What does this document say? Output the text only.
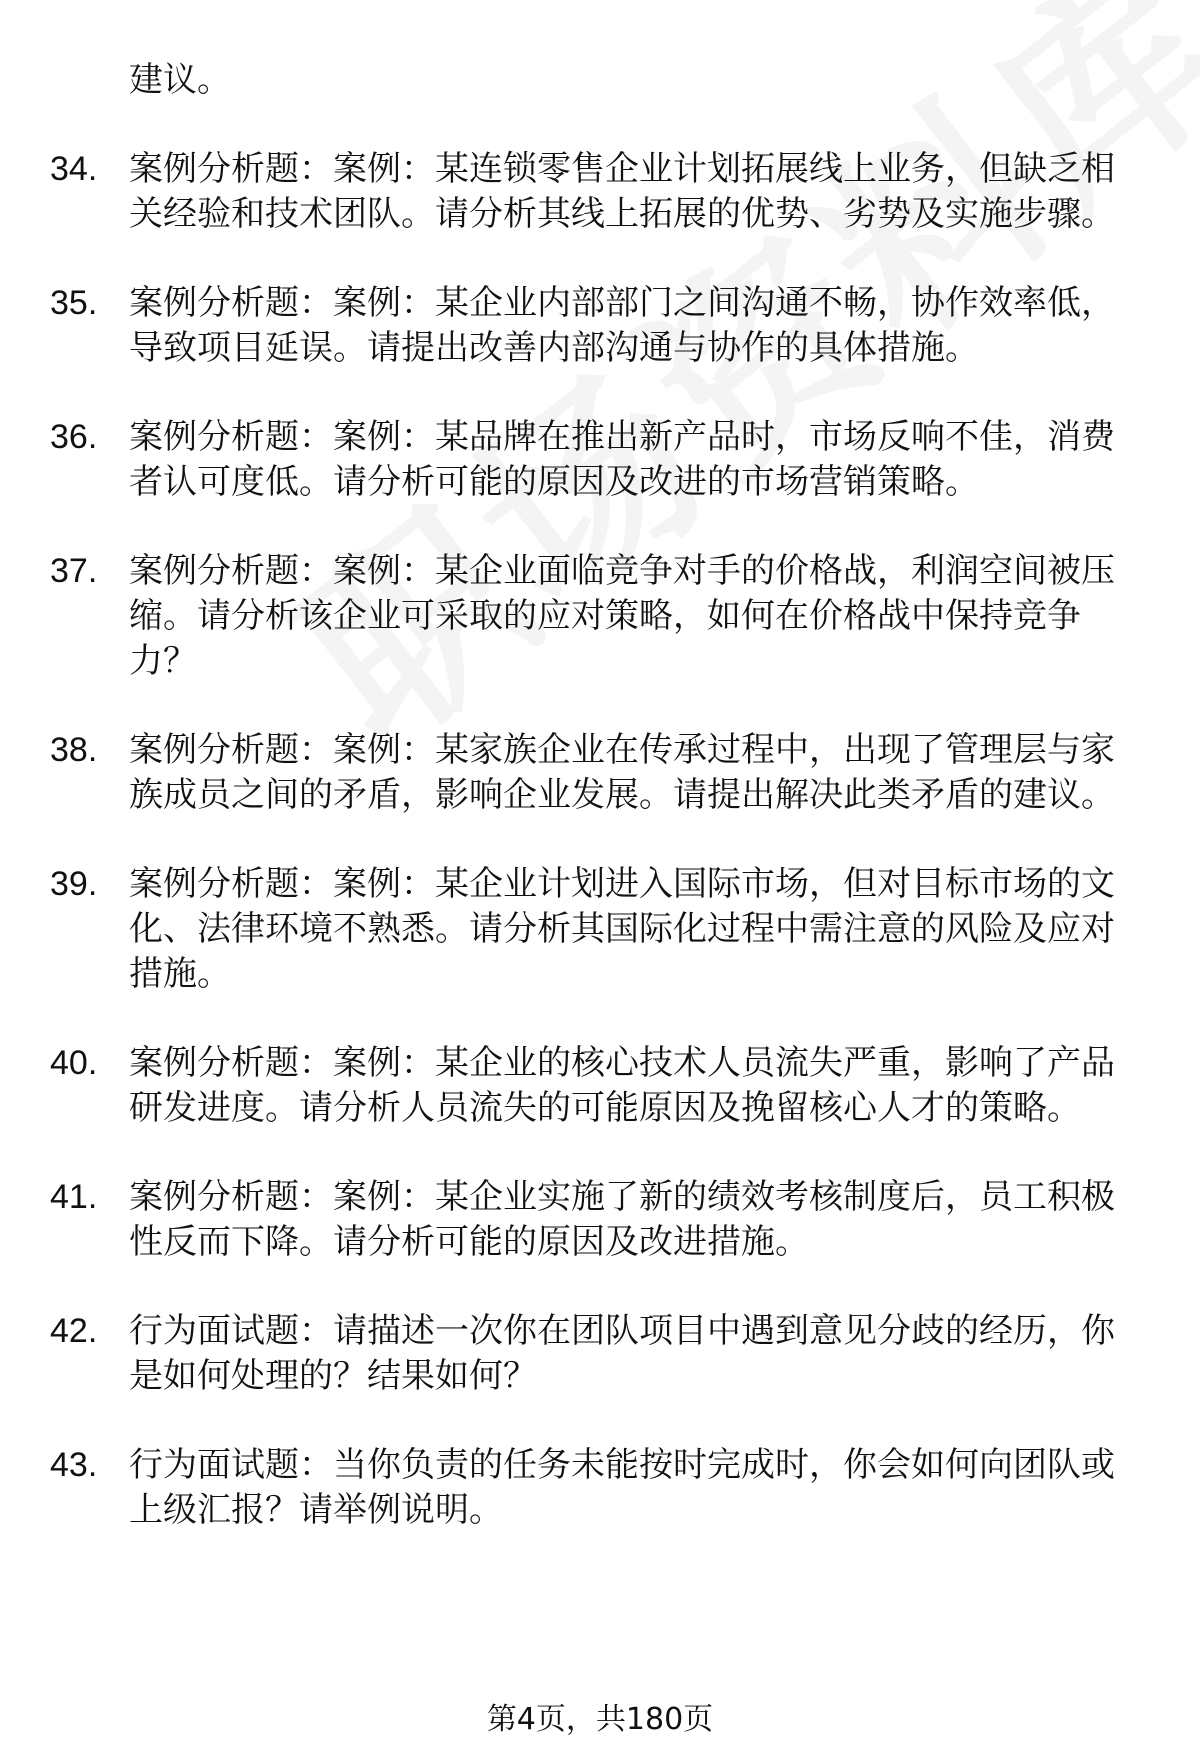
建议。
34. 案例分析题：案例：某连锁零售企业计划拓展线上业务，但缺乏相关经验和技术团队。请分析其线上拓展的优势、劣势及实施步骤。
35. 案例分析题：案例：某企业内部部门之间沟通不畅，协作效率低，导致项目延误。请提出改善内部沟通与协作的具体措施。
36. 案例分析题：案例：某品牌在推出新产品时，市场反响不佳，消费者认可度低。请分析可能的原因及改进的市场营销策略。
37. 案例分析题：案例：某企业面临竞争对手的价格战，利润空间被压缩。请分析该企业可采取的应对策略，如何在价格战中保持竞争力？
38. 案例分析题：案例：某家族企业在传承过程中，出现了管理层与家族成员之间的矛盾，影响企业发展。请提出解决此类矛盾的建议。
39. 案例分析题：案例：某企业计划进入国际市场，但对目标市场的文化、法律环境不熟悉。请分析其国际化过程中需注意的风险及应对措施。
40. 案例分析题：案例：某企业的核心技术人员流失严重，影响了产品研发进度。请分析人员流失的可能原因及挽留核心人才的策略。
41. 案例分析题：案例：某企业实施了新的绩效考核制度后，员工积极性反而下降。请分析可能的原因及改进措施。
42. 行为面试题：请描述一次你在团队项目中遇到意见分歧的经历，你是如何处理的？结果如何？
43. 行为面试题：当你负责的任务未能按时完成时，你会如何向团队或上级汇报？请举例说明。
第4页，共180页
